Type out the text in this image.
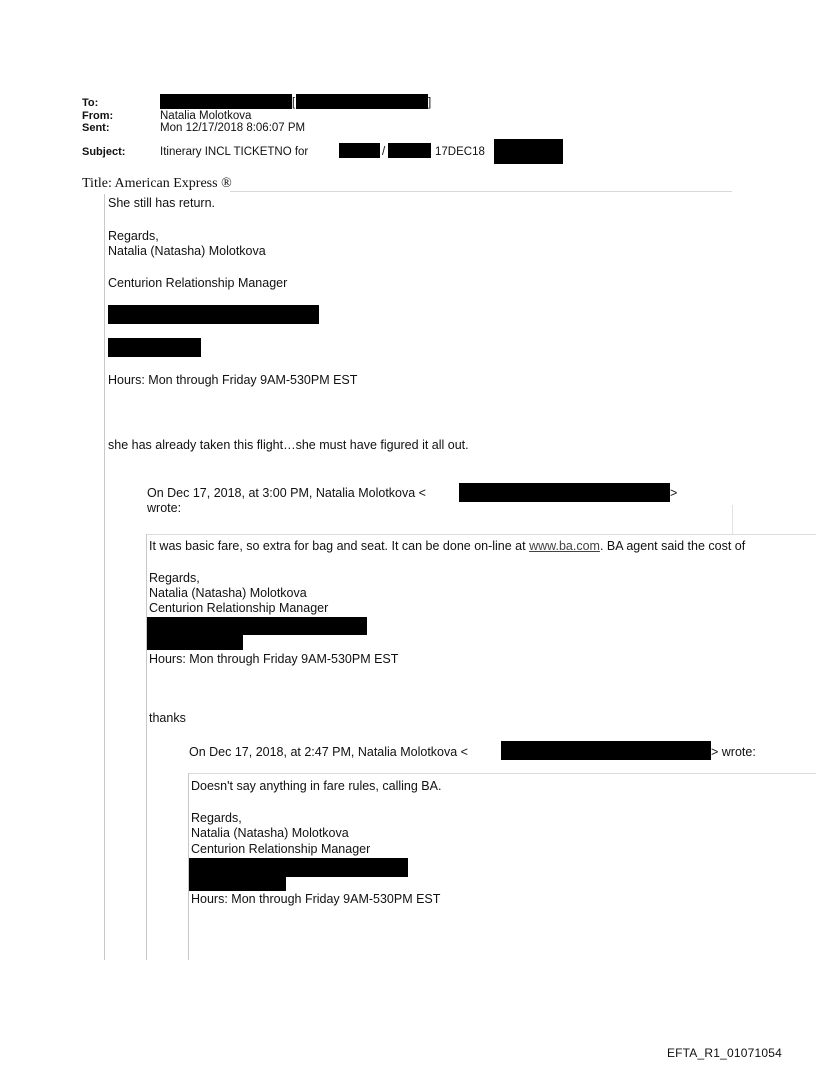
To:	[	]
From:	Natalia Molotkova
Sent:	Mon 12/17/2018 8:06:07 PM
Subject:	Itinerary INCL TICKETNO for	/	17DEC18
Title: American Express ®
She still has return.
Regards,
Natalia (Natasha) Molotkova
Centurion Relationship Manager
Hours: Mon through Friday 9AM-530PM EST
she has already taken this flight…she must have figured it all out.
On Dec 17, 2018, at 3:00 PM, Natalia Molotkova <	>
wrote:
It was basic fare, so extra for bag and seat. It can be done on-line at www.ba.com. BA agent said the cost of
Regards,
Natalia (Natasha) Molotkova
Centurion Relationship Manager
Hours: Mon through Friday 9AM-530PM EST
thanks
On Dec 17, 2018, at 2:47 PM, Natalia Molotkova <	> wrote:
Doesn't say anything in fare rules, calling BA.
Regards,
Natalia (Natasha) Molotkova
Centurion Relationship Manager
Hours: Mon through Friday 9AM-530PM EST
EFTA_R1_01071054
